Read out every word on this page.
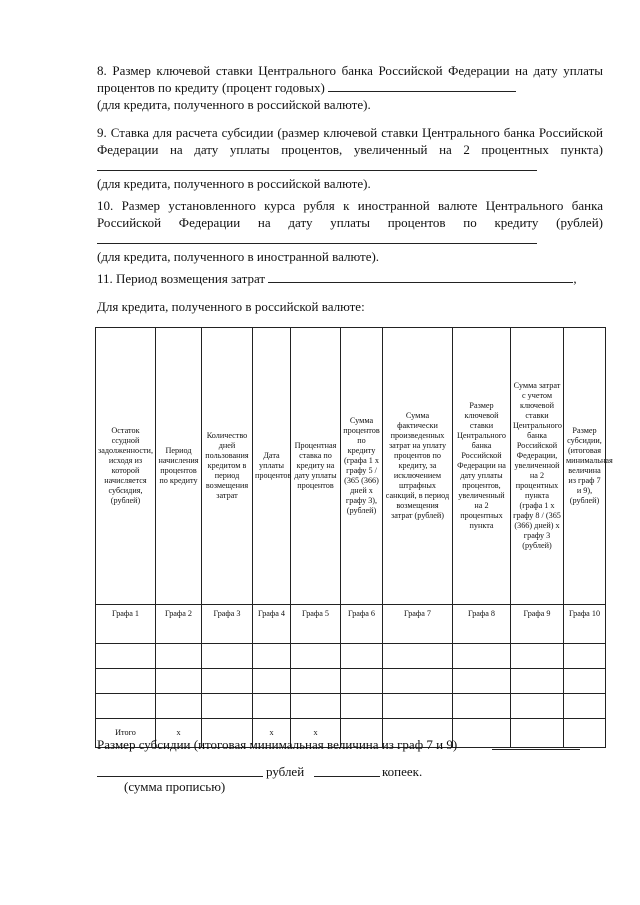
8. Размер ключевой ставки Центрального банка Российской Федерации на дату уплаты процентов по кредиту (процент годовых)
(для кредита, полученного в российской валюте).
9. Ставка для расчета субсидии (размер ключевой ставки Центрального банка Российской Федерации на дату уплаты процентов, увеличенный на 2 процентных пункта)
(для кредита, полученного в российской валюте).
10. Размер установленного курса рубля к иностранной валюте Центрального банка Российской Федерации на дату уплаты процентов по кредиту (рублей)
(для кредита, полученного в иностранной валюте).
11. Период возмещения затрат	,
Для кредита, полученного в российской валюте:
Остаток ссудной задолженности, исходя из которой начисляется субсидия, (рублей)	Период начисления процентов по кредиту	Количество дней пользования кредитом в период возмещения затрат	Дата уплаты процентов	Процентная ставка по кредиту на дату уплаты процентов	Сумма процентов по кредиту (графа 1 x графу 5 / (365 (366) дней x графу 3), (рублей)	Сумма фактически произведенных затрат на уплату процентов по кредиту, за исключением штрафных санкций, в период возмещения затрат (рублей)	Размер ключевой ставки Центрального банка Российской Федерации на дату уплаты процентов, увеличенный на 2 процентных пункта	Сумма затрат с учетом ключевой ставки Центрального банка Российской Федерации, увеличенной на 2 процентных пункта (графа 1 x графу 8 / (365 (366) дней) x графу 3 (рублей)	Размер субсидии, (итоговая минимальная величина из граф 7 и 9), (рублей)
Графа 1	Графа 2	Графа 3	Графа 4	Графа 5	Графа 6	Графа 7	Графа 8	Графа 9	Графа 10

Итого	x		x	x					
Размер субсидии (итоговая минимальная величина из граф 7 и 9)
рублей	копеек.
(сумма прописью)
